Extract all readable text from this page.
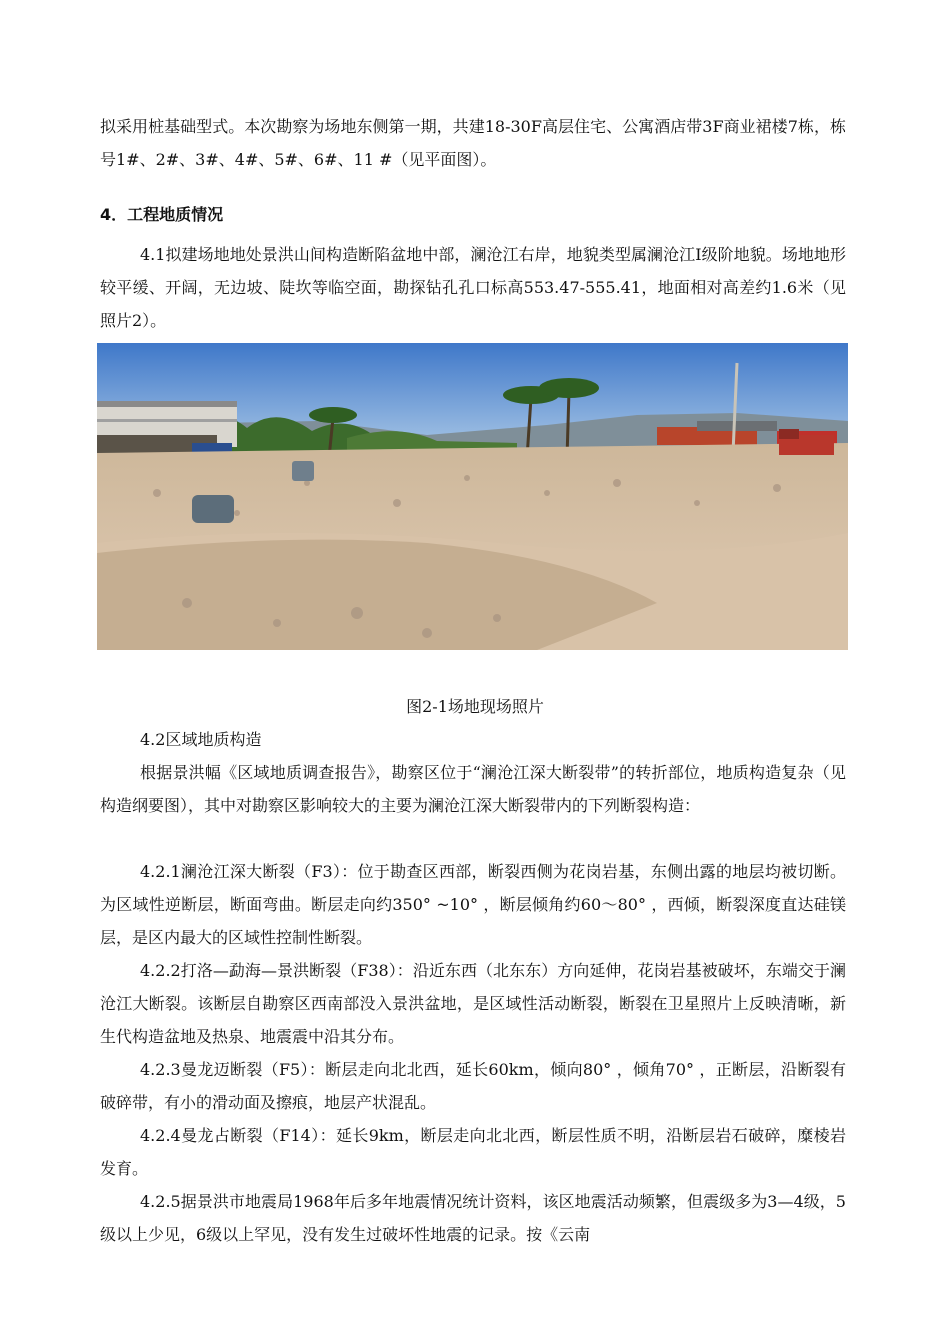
拟采用桩基础型式。本次勘察为场地东侧第一期，共建18-30F高层住宅、公寓酒店带3F商业裙楼7栋，栋号1#、2#、3#、4#、5#、6#、11 #（见平面图）。

4．工程地质情况

4.1拟建场地地处景洪山间构造断陷盆地中部，澜沧江右岸，地貌类型属澜沧江Ⅰ级阶地貌。场地地形较平缓、开阔，无边坡、陡坎等临空面，勘探钻孔孔口标高553.47-555.41，地面相对高差约1.6米（见照片2）。

图2-1场地现场照片

4.2区域地质构造

根据景洪幅《区域地质调查报告》，勘察区位于“澜沧江深大断裂带”的转折部位，地质构造复杂（见构造纲要图），其中对勘察区影响较大的主要为澜沧江深大断裂带内的下列断裂构造：

4.2.1澜沧江深大断裂（F3）：位于勘查区西部，断裂西侧为花岗岩基，东侧出露的地层均被切断。为区域性逆断层，断面弯曲。断层走向约350° ~10° ，断层倾角约60～80° ，西倾，断裂深度直达硅镁层，是区内最大的区域性控制性断裂。

4.2.2打洛—勐海—景洪断裂（F38）：沿近东西（北东东）方向延伸，花岗岩基被破坏，东端交于澜沧江大断裂。该断层自勘察区西南部没入景洪盆地，是区域性活动断裂，断裂在卫星照片上反映清晰，新生代构造盆地及热泉、地震震中沿其分布。

4.2.3曼龙迈断裂（F5）：断层走向北北西，延长60km，倾向80° ，倾角70° ，正断层，沿断裂有破碎带，有小的滑动面及擦痕，地层产状混乱。

4.2.4曼龙占断裂（F14）：延长9km，断层走向北北西，断层性质不明，沿断层岩石破碎，糜棱岩发育。

4.2.5据景洪市地震局1968年后多年地震情况统计资料，该区地震活动频繁，但震级多为3—4级，5级以上少见，6级以上罕见，没有发生过破坏性地震的记录。按《云南
